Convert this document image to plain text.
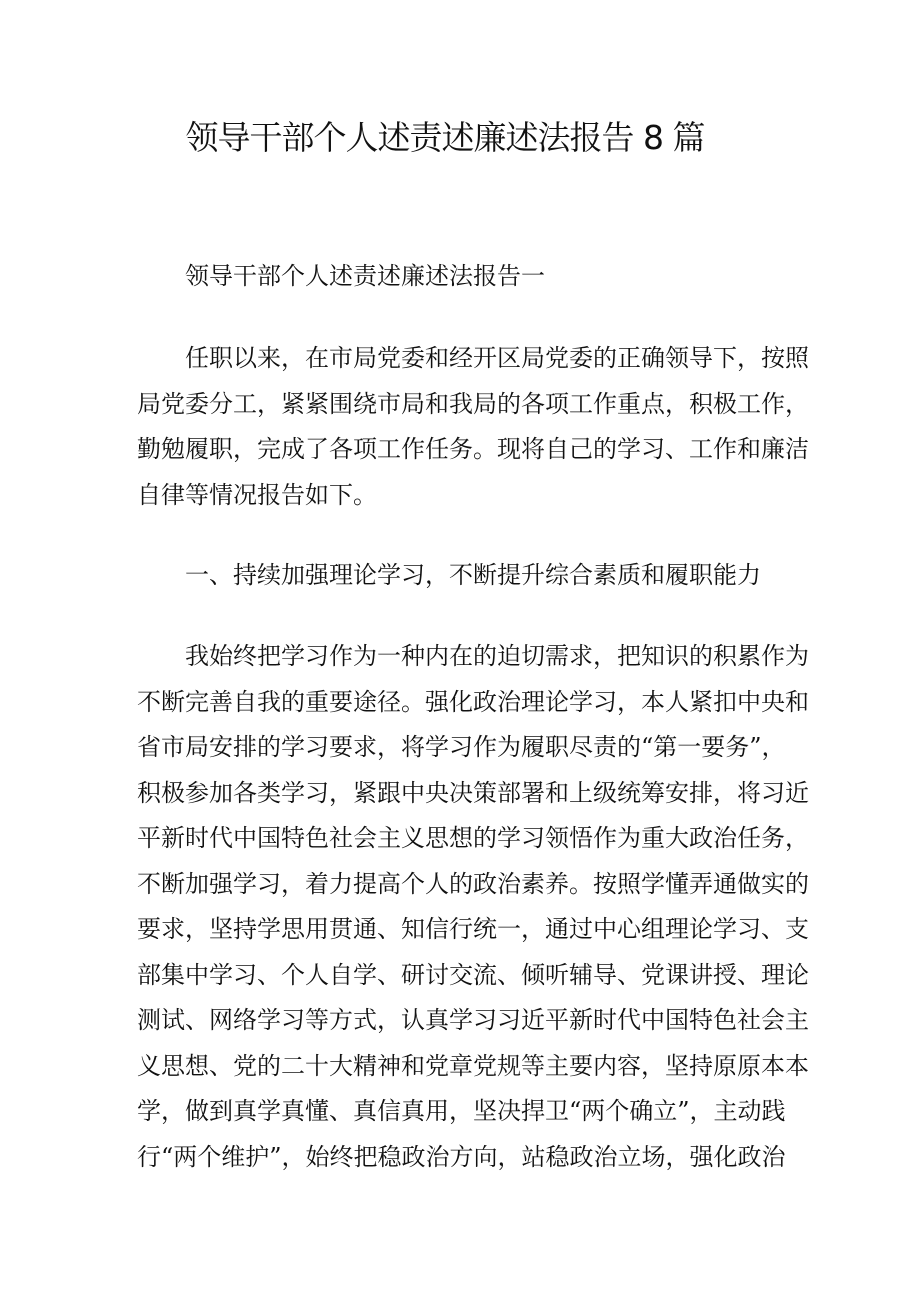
领导干部个人述责述廉述法报告 8 篇
领导干部个人述责述廉述法报告一
任职以来，在市局党委和经开区局党委的正确领导下，按照
局党委分工，紧紧围绕市局和我局的各项工作重点，积极工作，
勤勉履职，完成了各项工作任务。现将自己的学习、工作和廉洁
自律等情况报告如下。
一、持续加强理论学习，不断提升综合素质和履职能力
我始终把学习作为一种内在的迫切需求，把知识的积累作为
不断完善自我的重要途径。强化政治理论学习，本人紧扣中央和
省市局安排的学习要求，将学习作为履职尽责的“第一要务”，
积极参加各类学习，紧跟中央决策部署和上级统筹安排，将习近
平新时代中国特色社会主义思想的学习领悟作为重大政治任务，
不断加强学习，着力提高个人的政治素养。按照学懂弄通做实的
要求，坚持学思用贯通、知信行统一，通过中心组理论学习、支
部集中学习、个人自学、研讨交流、倾听辅导、党课讲授、理论
测试、网络学习等方式，认真学习习近平新时代中国特色社会主
义思想、党的二十大精神和党章党规等主要内容，坚持原原本本
学，做到真学真懂、真信真用，坚决捍卫“两个确立”，主动践
行“两个维护”，始终把稳政治方向，站稳政治立场，强化政治
